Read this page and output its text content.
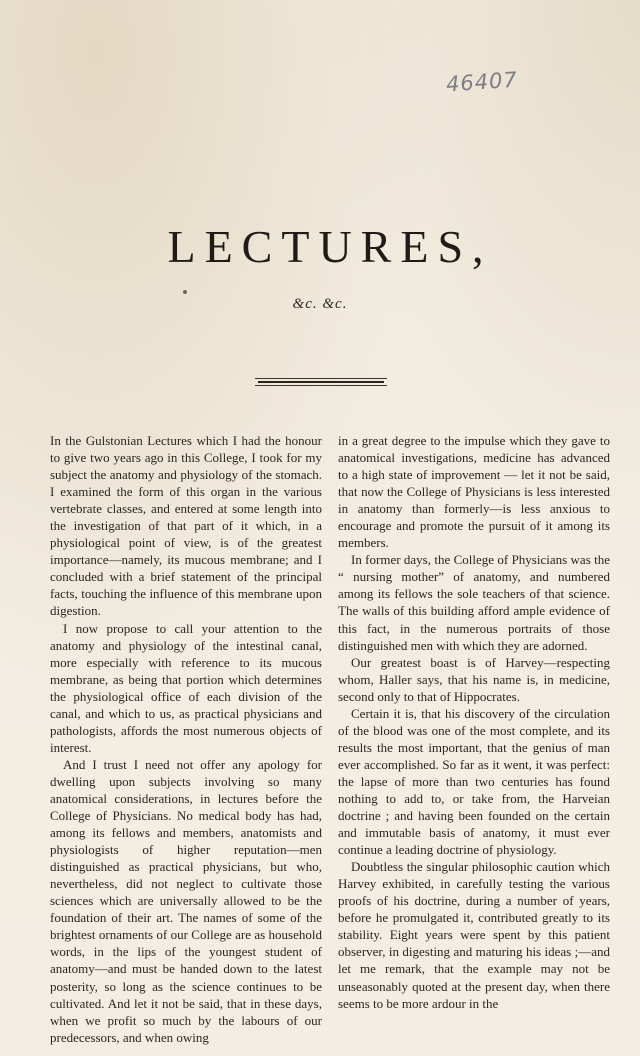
46407
LECTURES,
&c. &c.

In the Gulstonian Lectures which I had the honour to give two years ago in this College, I took for my subject the anatomy and physiology of the stomach. I examined the form of this organ in the various vertebrate classes, and entered at some length into the investigation of that part of it which, in a physiological point of view, is of the greatest importance—namely, its mucous membrane; and I concluded with a brief statement of the principal facts, touching the influence of this membrane upon digestion.

I now propose to call your attention to the anatomy and physiology of the intestinal canal, more especially with reference to its mucous membrane, as being that portion which determines the physiological office of each division of the canal, and which to us, as practical physicians and pathologists, affords the most numerous objects of interest.

And I trust I need not offer any apology for dwelling upon subjects involving so many anatomical considerations, in lectures before the College of Physicians. No medical body has had, among its fellows and members, anatomists and physiologists of higher reputation—men distinguished as practical physicians, but who, nevertheless, did not neglect to cultivate those sciences which are universally allowed to be the foundation of their art. The names of some of the brightest ornaments of our College are as household words, in the lips of the youngest student of anatomy—and must be handed down to the latest posterity, so long as the science continues to be cultivated. And let it not be said, that in these days, when we profit so much by the labours of our predecessors, and when owing

in a great degree to the impulse which they gave to anatomical investigations, medicine has advanced to a high state of improvement — let it not be said, that now the College of Physicians is less interested in anatomy than formerly—is less anxious to encourage and promote the pursuit of it among its members.

In former days, the College of Physicians was the “ nursing mother” of anatomy, and numbered among its fellows the sole teachers of that science. The walls of this building afford ample evidence of this fact, in the numerous portraits of those distinguished men with which they are adorned.

Our greatest boast is of Harvey—respecting whom, Haller says, that his name is, in medicine, second only to that of Hippocrates.

Certain it is, that his discovery of the circulation of the blood was one of the most complete, and its results the most important, that the genius of man ever accomplished. So far as it went, it was perfect: the lapse of more than two centuries has found nothing to add to, or take from, the Harveian doctrine ; and having been founded on the certain and immutable basis of anatomy, it must ever continue a leading doctrine of physiology.

Doubtless the singular philosophic caution which Harvey exhibited, in carefully testing the various proofs of his doctrine, during a number of years, before he promulgated it, contributed greatly to its stability. Eight years were spent by this patient observer, in digesting and maturing his ideas ;—and let me remark, that the example may not be unseasonably quoted at the present day, when there seems to be more ardour in the
